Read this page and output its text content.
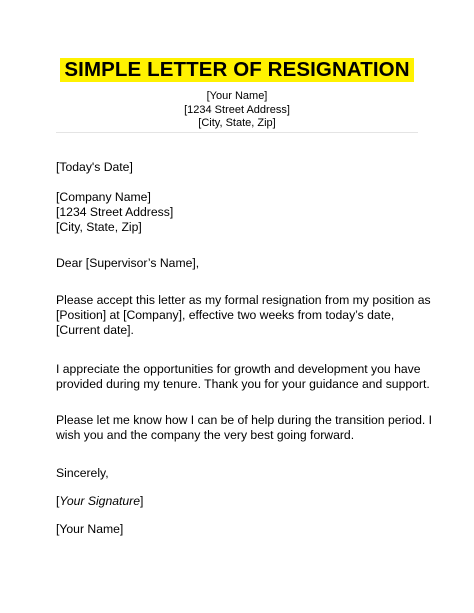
SIMPLE LETTER OF RESIGNATION
[Your Name]
[1234 Street Address]
[City, State, Zip]
[Today's Date]
[Company Name]
[1234 Street Address]
[City, State, Zip]
Dear [Supervisor’s Name],
Please accept this letter as my formal resignation from my position as
[Position] at [Company], effective two weeks from today’s date,
[Current date].
I appreciate the opportunities for growth and development you have
provided during my tenure. Thank you for your guidance and support.
Please let me know how I can be of help during the transition period. I
wish you and the company the very best going forward.
Sincerely,
[Your Signature]
[Your Name]
